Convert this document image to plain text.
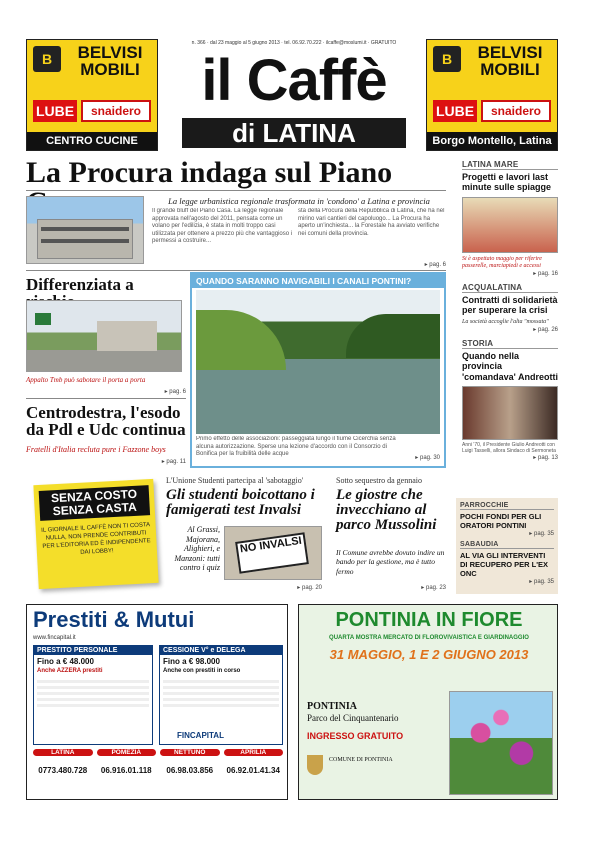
B	BELVISI MOBILI
LUBE	snaidero
CENTRO CUCINE
B	BELVISI MOBILI
LUBE	snaidero
Borgo Montello, Latina
n. 366 · dal 23 maggio al 5 giugno 2013 · tel. 06.92.70.222 · ilcaffe@moslumi.it · GRATUITO
il Caffè
di LATINA
La Procura indaga sul Piano
La legge urbanistica regionale trasformata in 'condono' a Latina e provincia
Il grande bluff del Piano Casa. La legge regionale approvata nell'agosto del 2011, pensata come un volano per l'edilizia, è stata in molti troppo casi utilizzata per ottenere a prezzo più che vantaggioso i permessi a costruire...
sta della Procura della Repubblica di Latina, che ha nel mirino vari cantieri del capoluogo... La Procura ha aperto un'inchiesta... la Forestale ha avviato verifiche nei comuni della provincia.
▸ pag. 6
Differenziata a
Appalto Tmb può sabotare il porta a porta
▸ pag. 6
Centrodestra, l'esodo da Pdl e Udc continua
Fratelli d'Italia recluta pure i Fazzone boys
▸ pag. 11
QUANDO SARANNO NAVIGABILI I CANALI PONTINI?
Primo effetto delle associazioni: passeggiata lungo il fiume Cicerchia senza alcuna autorizzazione. Sperse una lezione d'accordo con il Consorzio di Bonifica per la fruibilità delle acque
▸ pag. 30
LATINA MARE
Progetti e lavori last minute sulle spiagge
Si è aspettato maggio per riferire passerelle, marciapiedi e accessi
▸ pag. 16
ACQUALATINA
Contratti di solidarietà per superare la crisi
La società accoglie l'alta "mossata"
▸ pag. 26
STORIA
Quando nella provincia 'comandava' Andreotti
Anni '70, il Presidente Giulio Andreotti con Luigi Tasselli, allora Sindaco di Sermoneta
▸ pag. 13
SENZA COSTO SENZA CASTA
IL GIORNALE IL CAFFÈ NON TI COSTA NULLA, NON PRENDE CONTRIBUTI PER L'EDITORIA ED È INDIPENDENTE DAI LOBBY!
L'Unione Studenti partecipa al 'sabotaggio'
Gli studenti boicottano i famigerati test Invalsi
Al Grassi, Majorana, Alighieri, e Manzoni: tutti contro i quiz
NO INVALSI
▸ pag. 20
Sotto sequestro da gennaio
Le giostre che invecchiano al parco Mussolini
Il Comune avrebbe dovuto indire un bando per la gestione, ma è tutto fermo
▸ pag. 23
PARROCCHIE
POCHI FONDI PER GLI ORATORI PONTINI
▸ pag. 35
SABAUDIA
AL VIA GLI INTERVENTI DI RECUPERO PER L'EX ONC
▸ pag. 35
Prestiti & Mutui
www.fincapital.it
PRESTITO PERSONALE
Fino a € 48.000
Anche AZZERA prestiti
CESSIONE V° e DELEGA
Fino a € 98.000
Anche con prestiti in corso
FINCAPITAL
LATINA
0773.480.728
POMEZIA
06.916.01.118
NETTUNO
06.98.03.856
APRILIA
06.92.01.41.34
PONTINIA IN FIORE
QUARTA MOSTRA MERCATO DI FLOROVIVAISTICA E GIARDINAGGIO
31 MAGGIO, 1 E 2 GIUGNO 2013
PONTINIA
Parco del Cinquantenario
INGRESSO GRATUITO
COMUNE DI PONTINIA
